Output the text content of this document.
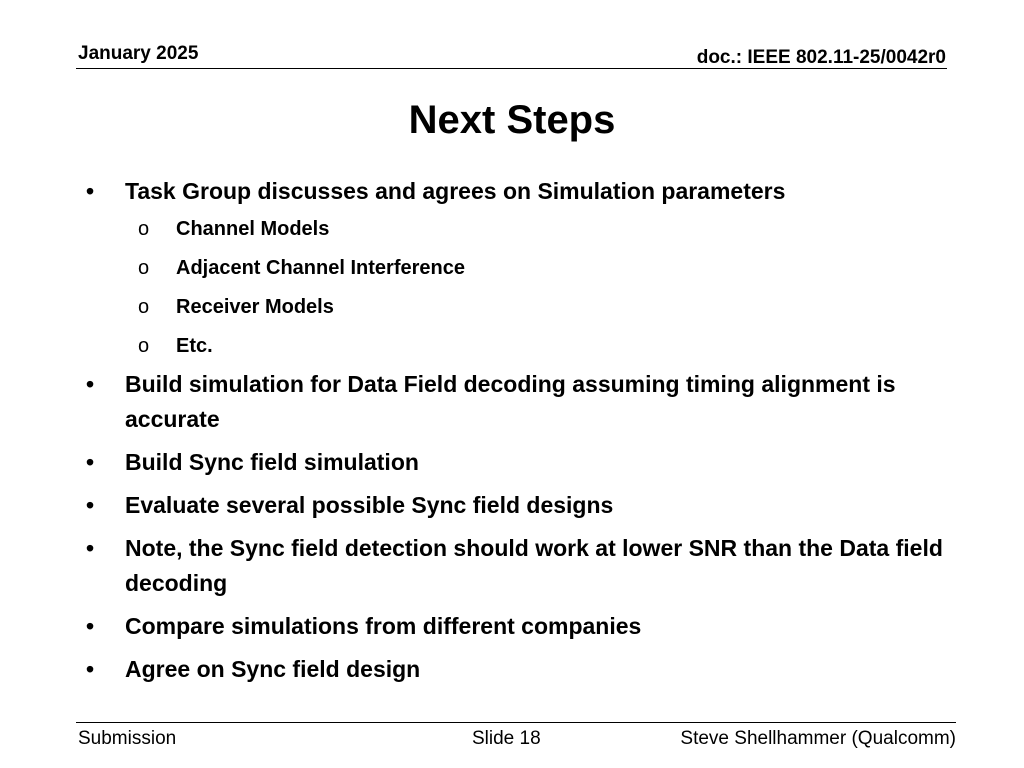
January 2025	doc.: IEEE 802.11-25/0042r0
Next Steps
• Task Group discusses and agrees on Simulation parameters
o Channel Models
o Adjacent Channel Interference
o Receiver Models
o Etc.
• Build simulation for Data Field decoding assuming timing alignment is accurate
• Build Sync field simulation
• Evaluate several possible Sync field designs
• Note, the Sync field detection should work at lower SNR than the Data field decoding
• Compare simulations from different companies
• Agree on Sync field design
Submission	Slide 18	Steve Shellhammer (Qualcomm)
